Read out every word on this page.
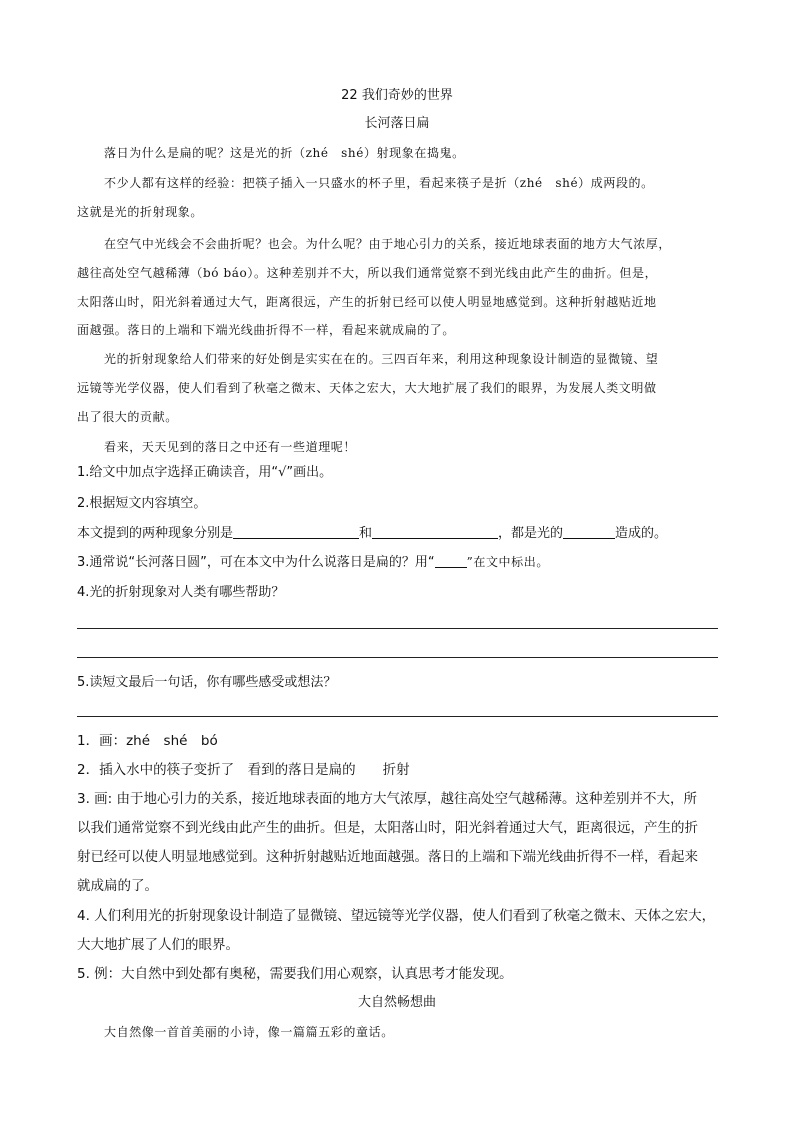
22 我们奇妙的世界
长河落日扁
落日为什么是扁的呢？这是光的折（zhé　shé）射现象在捣鬼。
不少人都有这样的经验：把筷子插入一只盛水的杯子里，看起来筷子是折（zhé　shé）成两段的。
这就是光的折射现象。
在空气中光线会不会曲折呢？也会。为什么呢？由于地心引力的关系，接近地球表面的地方大气浓厚，
越往高处空气越稀薄（bó báo）。这种差别并不大，所以我们通常觉察不到光线由此产生的曲折。但是，
太阳落山时，阳光斜着通过大气，距离很远，产生的折射已经可以使人明显地感觉到。这种折射越贴近地
面越强。落日的上端和下端光线曲折得不一样，看起来就成扁的了。
光的折射现象给人们带来的好处倒是实实在在的。三四百年来，利用这种现象设计制造的显微镜、望
远镜等光学仪器，使人们看到了秋毫之微末、天体之宏大，大大地扩展了我们的眼界，为发展人类文明做
出了很大的贡献。
看来，天天见到的落日之中还有一些道理呢！
1.给文中加点字选择正确读音，用“√”画出。
2.根据短文内容填空。
本文提到的两种现象分别是	和	，都是光的	造成的。
3.通常说“长河落日圆”，可在本文中为什么说落日是扁的？用“	”在文中标出。
4.光的折射现象对人类有哪些帮助？
5.读短文最后一句话，你有哪些感受或想法？
1．画：zhé　shé　bó
2．插入水中的筷子变折了　看到的落日是扁的　　折射
3. 画: 由于地心引力的关系，接近地球表面的地方大气浓厚，越往高处空气越稀薄。这种差别并不大，所
以我们通常觉察不到光线由此产生的曲折。但是，太阳落山时，阳光斜着通过大气，距离很远，产生的折
射已经可以使人明显地感觉到。这种折射越贴近地面越强。落日的上端和下端光线曲折得不一样，看起来
就成扁的了。
4. 人们利用光的折射现象设计制造了显微镜、望远镜等光学仪器，使人们看到了秋毫之微末、天体之宏大，
大大地扩展了人们的眼界。
5. 例：大自然中到处都有奥秘，需要我们用心观察，认真思考才能发现。
大自然畅想曲
大自然像一首首美丽的小诗，像一篇篇五彩的童话。
